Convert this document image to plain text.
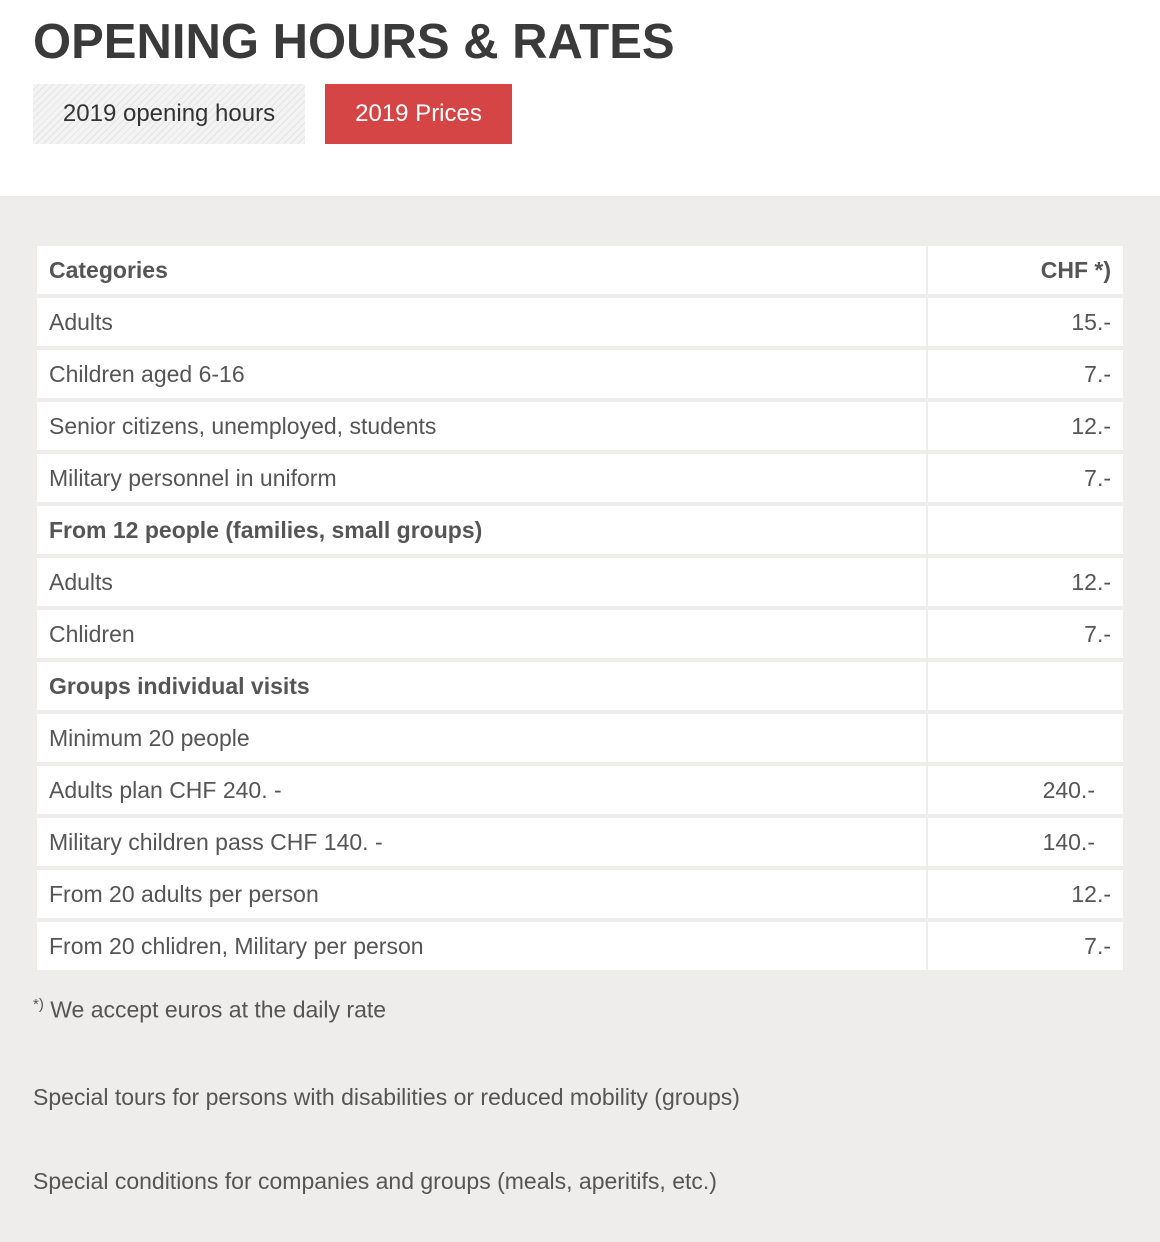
OPENING HOURS & RATES
2019 opening hours	2019 Prices
Categories	CHF *)
Adults	15.-
Children aged 6-16	7.-
Senior citizens, unemployed, students	12.-
Military personnel in uniform	7.-
From 12 people (families, small groups)	
Adults	12.-
Chlidren	7.-
Groups individual visits	
Minimum 20 people	
Adults plan CHF 240. -	240.-
Military children pass CHF 140. -	140.-
From 20 adults per person	12.-
From 20 chlidren, Military per person	7.-

*) We accept euros at the daily rate

Special tours for persons with disabilities or reduced mobility (groups)

Special conditions for companies and groups (meals, aperitifs, etc.)
